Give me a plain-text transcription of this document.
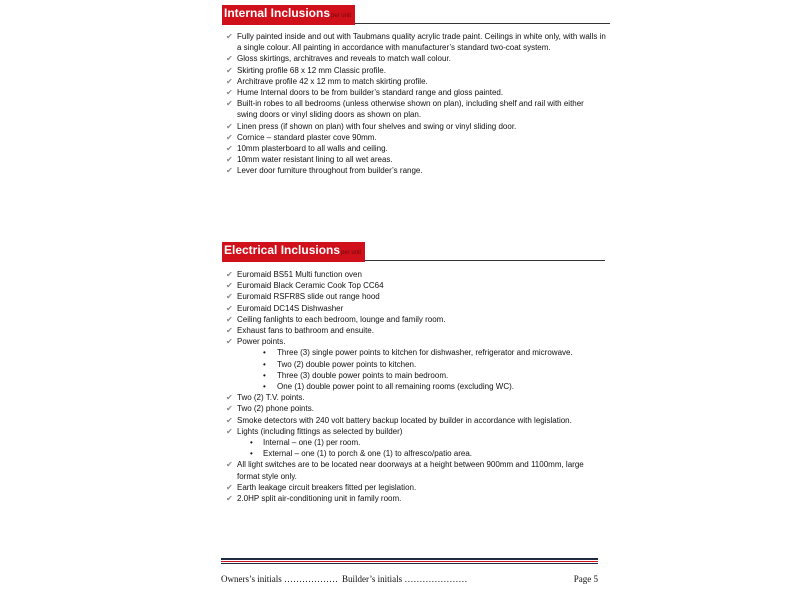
Internal Inclusionsper unit
✔ Fully painted inside and out with Taubmans quality acrylic trade paint. Ceilings in white only, with walls in a single colour. All painting in accordance with manufacturer’s standard two-coat system.
✔ Gloss skirtings, architraves and reveals to match wall colour.
✔ Skirting profile 68 x 12 mm Classic profile.
✔ Architrave profile 42 x 12 mm to match skirting profile.
✔ Hume Internal doors to be from builder’s standard range and gloss painted.
✔ Built-in robes to all bedrooms (unless otherwise shown on plan), including shelf and rail with either swing doors or vinyl sliding doors as shown on plan.
✔ Linen press (if shown on plan) with four shelves and swing or vinyl sliding door.
✔ Cornice – standard plaster cove 90mm.
✔ 10mm plasterboard to all walls and ceiling.
✔ 10mm water resistant lining to all wet areas.
✔ Lever door furniture throughout from builder’s range.
Electrical Inclusionsper unit
✔ Euromaid BS51 Multi function oven
✔ Euromaid Black Ceramic Cook Top CC64
✔ Euromaid RSFR8S slide out range hood
✔ Euromaid DC14S Dishwasher
✔ Ceiling fanlights to each bedroom, lounge and family room.
✔ Exhaust fans to bathroom and ensuite.
✔ Power points.
• Three (3) single power points to kitchen for dishwasher, refrigerator and microwave.
• Two (2) double power points to kitchen.
• Three (3) double power points to main bedroom.
• One (1) double power point to all remaining rooms (excluding WC).
✔ Two (2) T.V. points.
✔ Two (2) phone points.
✔ Smoke detectors with 240 volt battery backup located by builder in accordance with legislation.
✔ Lights (including fittings as selected by builder)
• Internal – one (1) per room.
• External – one (1) to porch & one (1) to alfresco/patio area.
✔ All light switches are to be located near doorways at a height between 900mm and 1100mm, large format style only.
✔ Earth leakage circuit breakers fitted per legislation.
✔ 2.0HP split air-conditioning unit in family room.
Owners’s initials ……………… Builder’s initials …………………	Page 5
